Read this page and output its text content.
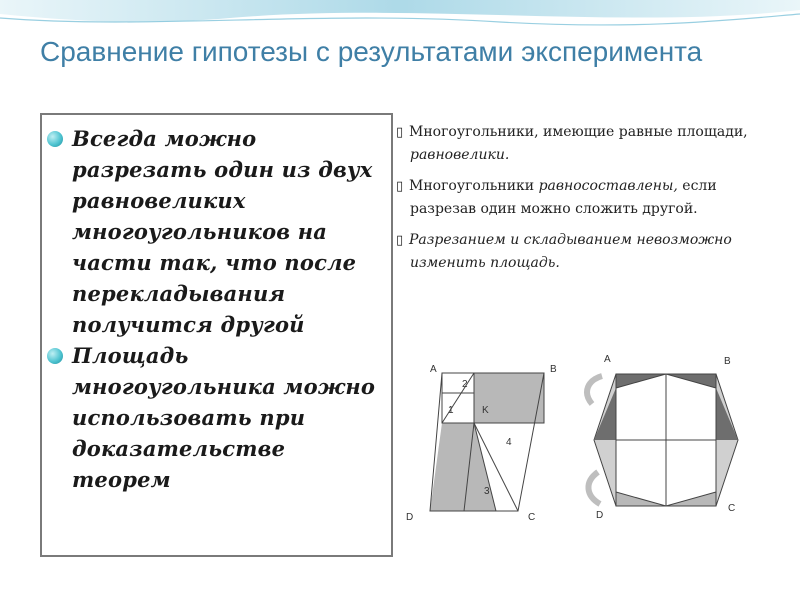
Сравнение гипотезы с результатами эксперимента
Всегда можно разрезать один из двух равновеликих многоугольников на части так, что после перекладывания получится другой
Площадь многоугольника можно использовать при доказательстве теорем
▯ Многоугольники, имеющие равные площади, равновелики.
▯ Многоугольники равносоставлены, если разрезав один можно сложить другой.
▯ Разрезанием и складыванием невозможно изменить площадь.
A	B
C
D
K
1
2
3
4
A	B
C
D
